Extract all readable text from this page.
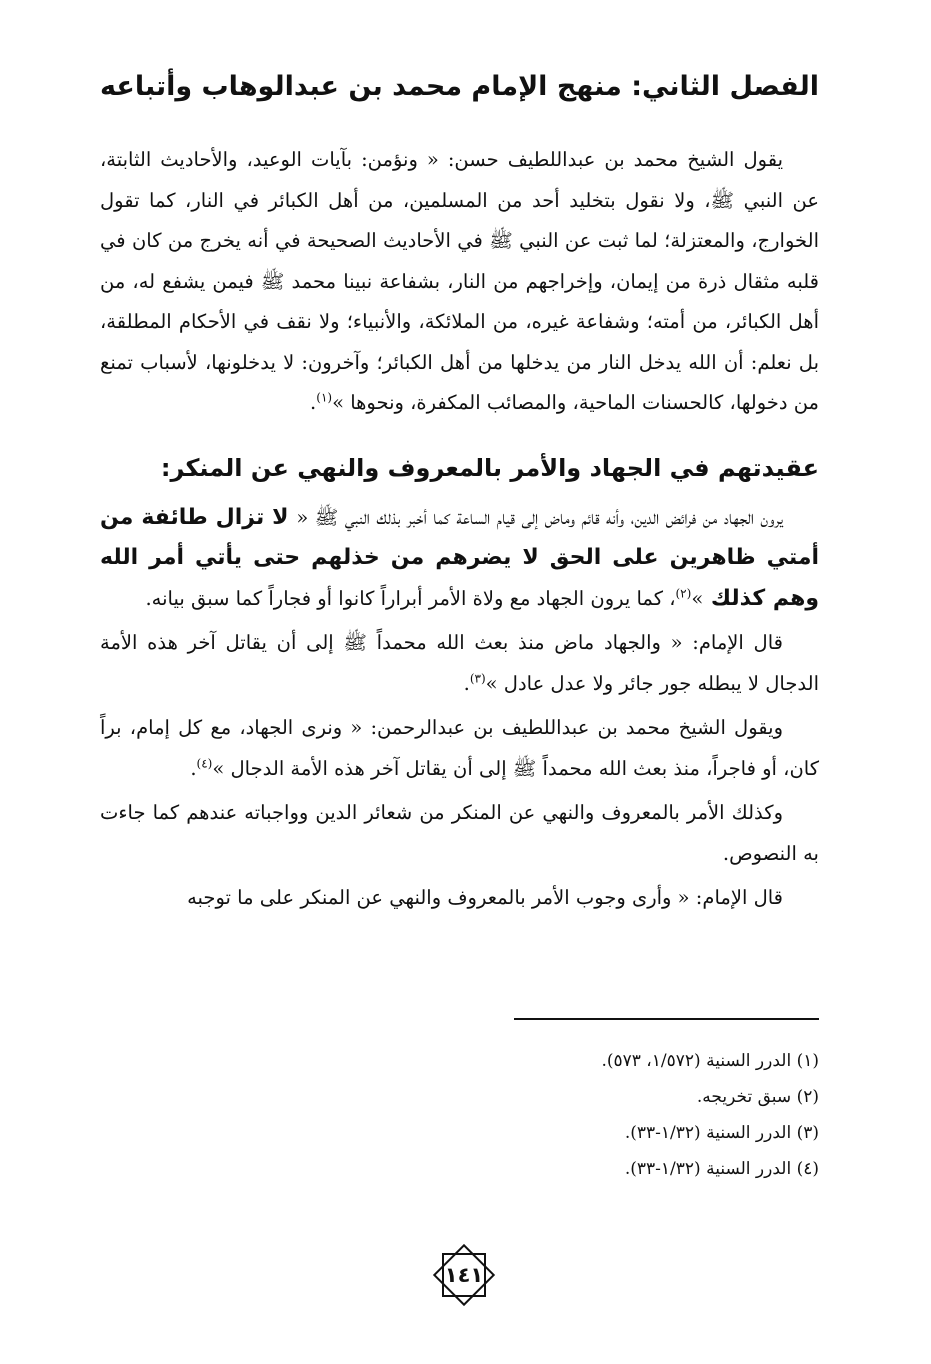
الفصل الثاني: منهج الإمام محمد بن عبدالوهاب وأتباعه

يقول الشيخ محمد بن عبداللطيف حسن: « ونؤمن: بآيات الوعيد، والأحاديث الثابتة، عن النبي ﷺ، ولا نقول بتخليد أحد من المسلمين، من أهل الكبائر في النار، كما تقول الخوارج، والمعتزلة؛ لما ثبت عن النبي ﷺ في الأحاديث الصحيحة في أنه يخرج من كان في قلبه مثقال ذرة من إيمان، وإخراجهم من النار، بشفاعة نبينا محمد ﷺ فيمن يشفع له، من أهل الكبائر، من أمته؛ وشفاعة غيره، من الملائكة، والأنبياء؛ ولا نقف في الأحكام المطلقة، بل نعلم: أن الله يدخل النار من يدخلها من أهل الكبائر؛ وآخرون: لا يدخلونها، لأسباب تمنع من دخولها، كالحسنات الماحية، والمصائب المكفرة، ونحوها »$^{(١)}$.

عقيدتهم في الجهاد والأمر بالمعروف والنهي عن المنكر:

يرون الجهاد من فرائض الدين، وأنه قائم وماض إلى قيام الساعة كما أخبر بذلك النبي ﷺ « لا تزال طائفة من أمتي ظاهرين على الحق لا يضرهم من خذلهم حتى يأتي أمر الله وهم كذلك »$^{(٢)}$، كما يرون الجهاد مع ولاة الأمر أبراراً كانوا أو فجاراً كما سبق بيانه.

قال الإمام: « والجهاد ماض منذ بعث الله محمداً ﷺ إلى أن يقاتل آخر هذه الأمة الدجال لا يبطله جور جائر ولا عدل عادل »$^{(٣)}$.

ويقول الشيخ محمد بن عبداللطيف بن عبدالرحمن: « ونرى الجهاد، مع كل إمام، براً كان، أو فاجراً، منذ بعث الله محمداً ﷺ إلى أن يقاتل آخر هذه الأمة الدجال »$^{(٤)}$.

وكذلك الأمر بالمعروف والنهي عن المنكر من شعائر الدين وواجباته عندهم كما جاءت به النصوص.

قال الإمام: « وأرى وجوب الأمر بالمعروف والنهي عن المنكر على ما توجبه

(١) الدرر السنية (١/٥٧٢، ٥٧٣).
(٢) سبق تخريجه.
(٣) الدرر السنية (١/٣٢-٣٣).
(٤) الدرر السنية (١/٣٢-٣٣).
١٤١
